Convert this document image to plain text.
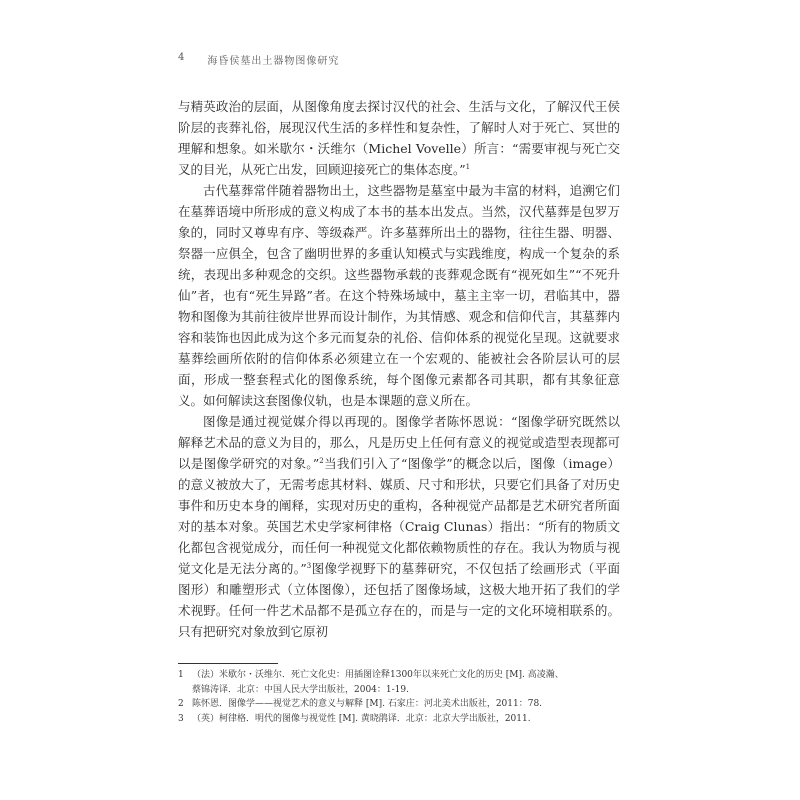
4 海昏侯墓出土器物图像研究

与精英政治的层面，从图像角度去探讨汉代的社会、生活与文化，了解汉代王侯阶层的丧葬礼俗，展现汉代生活的多样性和复杂性，了解时人对于死亡、冥世的理解和想象。如米歇尔・沃维尔（Michel Vovelle）所言：“需要审视与死亡交叉的目光，从死亡出发，回顾迎接死亡的集体态度。”$^1$

古代墓葬常伴随着器物出土，这些器物是墓室中最为丰富的材料，追溯它们在墓葬语境中所形成的意义构成了本书的基本出发点。当然，汉代墓葬是包罗万象的，同时又尊卑有序、等级森严。许多墓葬所出土的器物，往往生器、明器、祭器一应俱全，包含了幽明世界的多重认知模式与实践维度，构成一个复杂的系统，表现出多种观念的交织。这些器物承载的丧葬观念既有“视死如生”“不死升仙”者，也有“死生异路”者。在这个特殊场域中，墓主主宰一切，君临其中，器物和图像为其前往彼岸世界而设计制作，为其情感、观念和信仰代言，其墓葬内容和装饰也因此成为这个多元而复杂的礼俗、信仰体系的视觉化呈现。这就要求墓葬绘画所依附的信仰体系必须建立在一个宏观的、能被社会各阶层认可的层面，形成一整套程式化的图像系统，每个图像元素都各司其职，都有其象征意义。如何解读这套图像仪轨，也是本课题的意义所在。

图像是通过视觉媒介得以再现的。图像学者陈怀恩说：“图像学研究既然以解释艺术品的意义为目的，那么，凡是历史上任何有意义的视觉或造型表现都可以是图像学研究的对象。”$^2$当我们引入了“图像学”的概念以后，图像（image）的意义被放大了，无需考虑其材料、媒质、尺寸和形状，只要它们具备了对历史事件和历史本身的阐释，实现对历史的重构，各种视觉产品都是艺术研究者所面对的基本对象。英国艺术史学家柯律格（Craig Clunas）指出：“所有的物质文化都包含视觉成分，而任何一种视觉文化都依赖物质性的存在。我认为物质与视觉文化是无法分离的。”$^3$图像学视野下的墓葬研究，不仅包括了绘画形式（平面图形）和雕塑形式（立体图像），还包括了图像场域，这极大地开拓了我们的学术视野。任何一件艺术品都不是孤立存在的，而是与一定的文化环境相联系的。只有把研究对象放到它原初

1 （法）米歇尔・沃维尔．死亡文化史：用插图诠释1300年以来死亡文化的历史 [M]. 高凌瀚、

蔡锦涛译．北京：中国人民大学出版社，2004：1-19.

2 陈怀恩．图像学——视觉艺术的意义与解释 [M]. 石家庄：河北美术出版社，2011：78.

3 （英）柯律格．明代的图像与视觉性 [M]. 黄晓鹃译．北京：北京大学出版社，2011.
